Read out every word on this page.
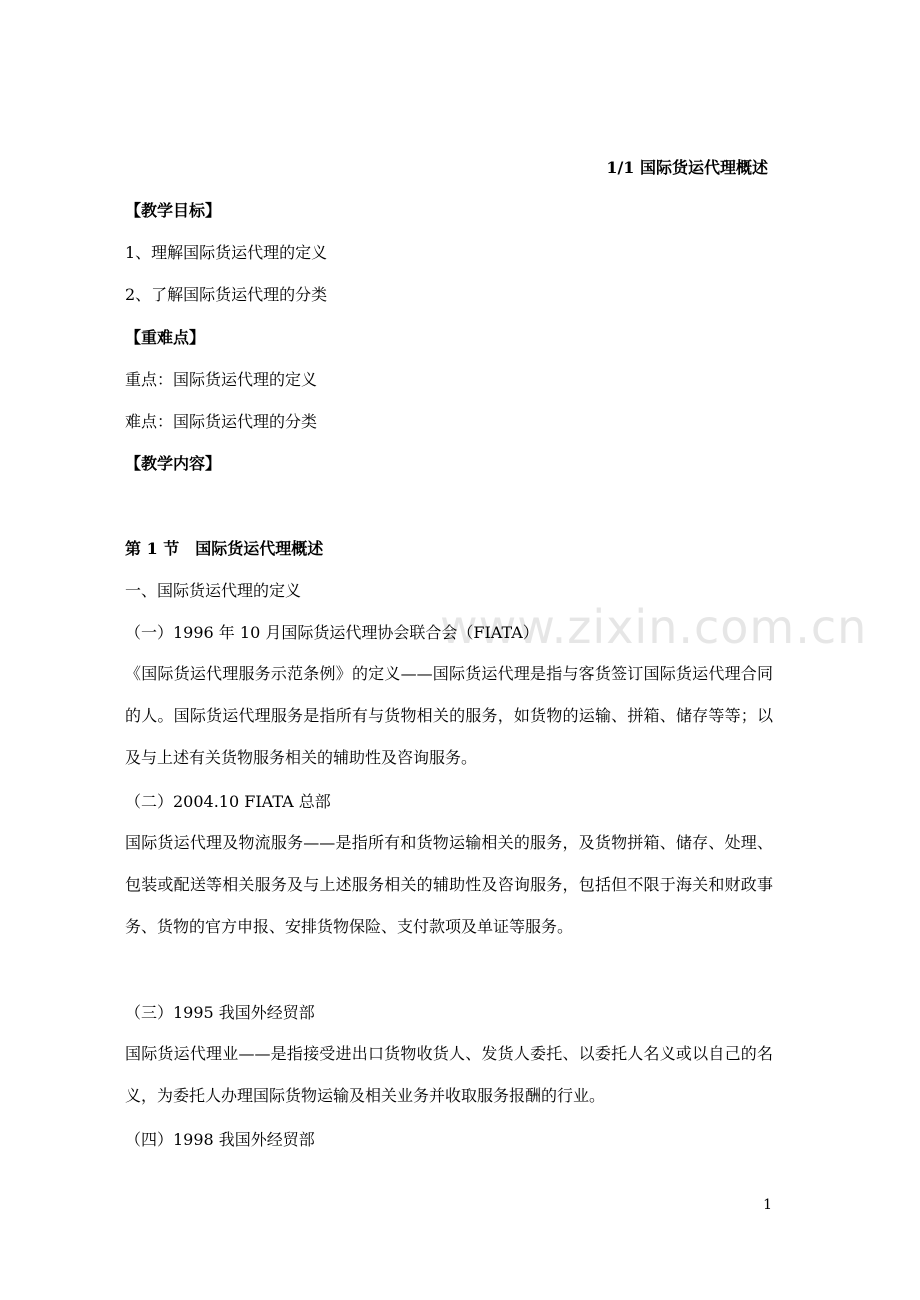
1/1 国际货运代理概述
【教学目标】
1、理解国际货运代理的定义
2、了解国际货运代理的分类
【重难点】
重点：国际货运代理的定义
难点：国际货运代理的分类
【教学内容】
第 1 节　国际货运代理概述
一、国际货运代理的定义
www.zixin.com.cn
（一）1996 年 10 月国际货运代理协会联合会（FIATA）
《国际货运代理服务示范条例》的定义——国际货运代理是指与客货签订国际货运代理合同的人。国际货运代理服务是指所有与货物相关的服务，如货物的运输、拼箱、储存等等；以及与上述有关货物服务相关的辅助性及咨询服务。
（二）2004.10 FIATA 总部
国际货运代理及物流服务——是指所有和货物运输相关的服务，及货物拼箱、储存、处理、包装或配送等相关服务及与上述服务相关的辅助性及咨询服务，包括但不限于海关和财政事务、货物的官方申报、安排货物保险、支付款项及单证等服务。
（三）1995 我国外经贸部
国际货运代理业——是指接受进出口货物收货人、发货人委托、以委托人名义或以自己的名义，为委托人办理国际货物运输及相关业务并收取服务报酬的行业。
（四）1998 我国外经贸部
1
